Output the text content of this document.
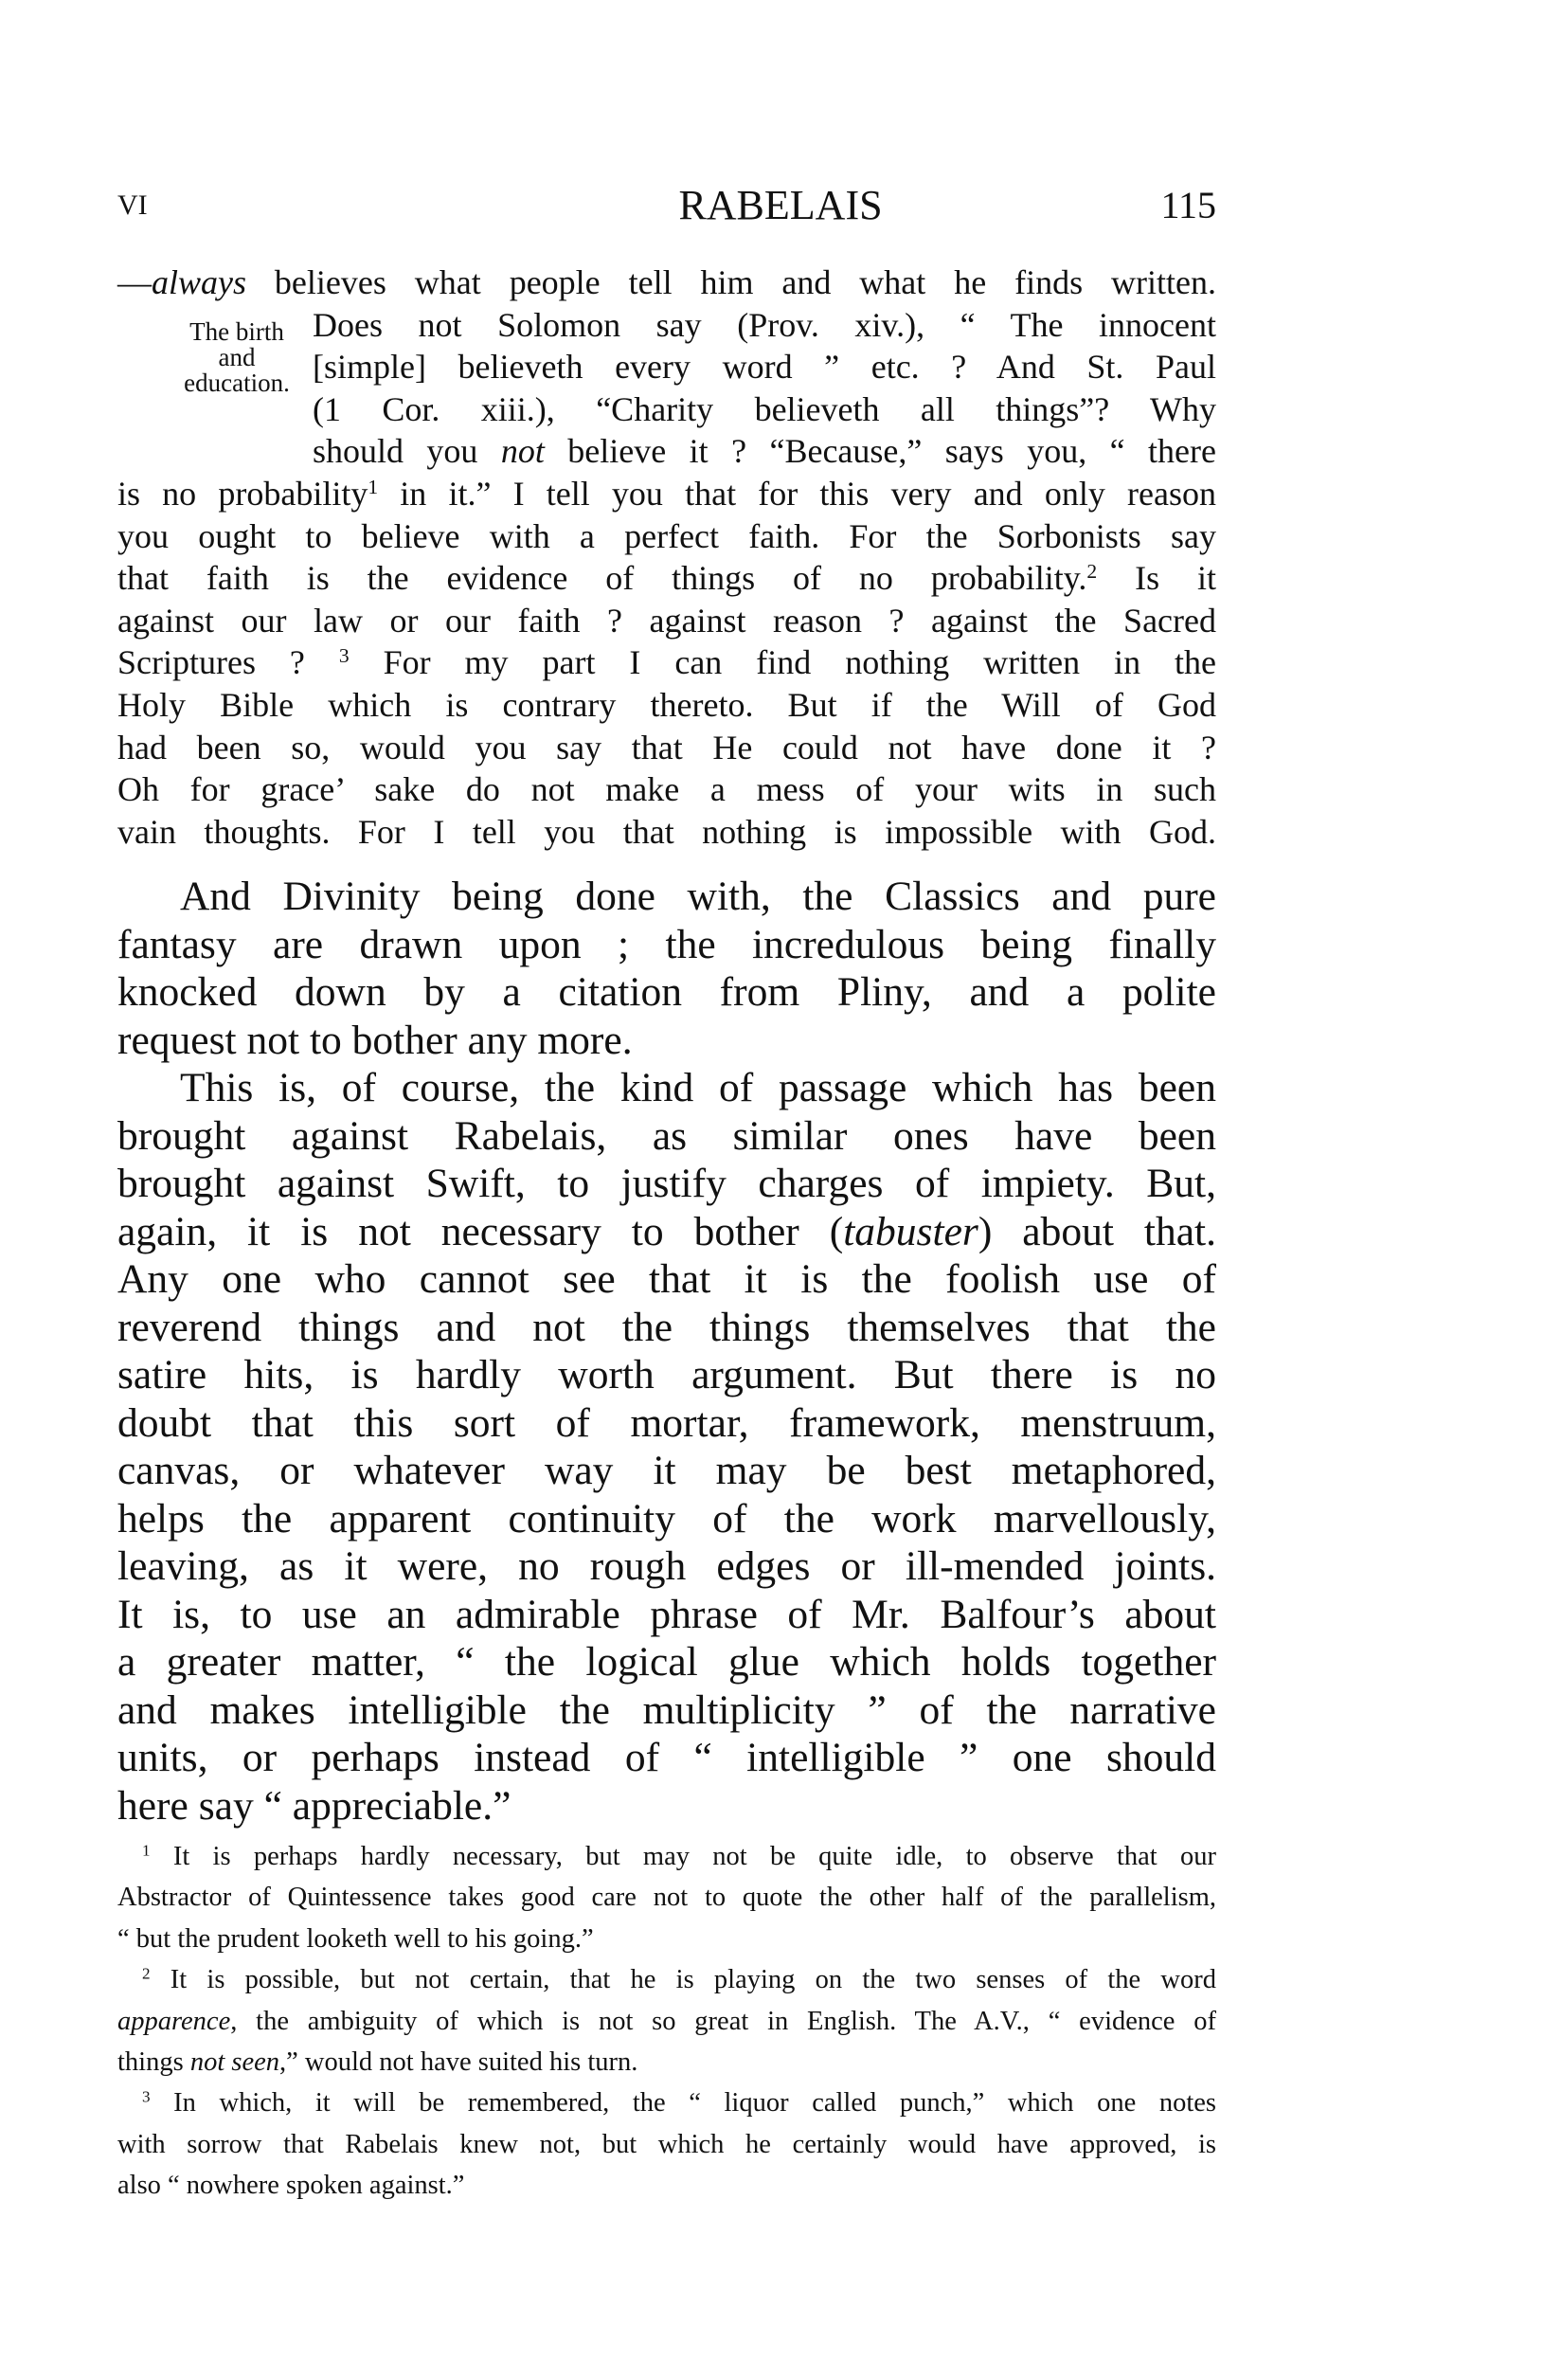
VI	RABELAIS	115
The birth
and
education.
—always believes what people tell him and what he finds written.
Does not Solomon say (Prov. xiv.), “ The innocent
[simple] believeth every word ” etc. ? And St. Paul
(1 Cor. xiii.), “Charity believeth all things”? Why
should you not believe it ? “Because,” says you, “ there
is no probability$^1$ in it.” I tell you that for this very and only reason
you ought to believe with a perfect faith. For the Sorbonists say
that faith is the evidence of things of no probability.$^2$ Is it
against our law or our faith ? against reason ? against the Sacred
Scriptures ? $^3$ For my part I can find nothing written in the
Holy Bible which is contrary thereto. But if the Will of God
had been so, would you say that He could not have done it ?
Oh for grace’ sake do not make a mess of your wits in such
vain thoughts. For I tell you that nothing is impossible with God.
And Divinity being done with, the Classics and pure
fantasy are drawn upon ; the incredulous being finally
knocked down by a citation from Pliny, and a polite
request not to bother any more.
This is, of course, the kind of passage which has been
brought against Rabelais, as similar ones have been
brought against Swift, to justify charges of impiety. But,
again, it is not necessary to bother (tabuster) about that.
Any one who cannot see that it is the foolish use of
reverend things and not the things themselves that the
satire hits, is hardly worth argument. But there is no
doubt that this sort of mortar, framework, menstruum,
canvas, or whatever way it may be best metaphored,
helps the apparent continuity of the work marvellously,
leaving, as it were, no rough edges or ill-mended joints.
It is, to use an admirable phrase of Mr. Balfour’s about
a greater matter, “ the logical glue which holds together
and makes intelligible the multiplicity ” of the narrative
units, or perhaps instead of “ intelligible ” one should
here say “ appreciable.”
$^1$ It is perhaps hardly necessary, but may not be quite idle, to observe that our
Abstractor of Quintessence takes good care not to quote the other half of the parallelism,
“ but the prudent looketh well to his going.”
$^2$ It is possible, but not certain, that he is playing on the two senses of the word
apparence, the ambiguity of which is not so great in English. The A.V., “ evidence of
things not seen,” would not have suited his turn.
$^3$ In which, it will be remembered, the “ liquor called punch,” which one notes
with sorrow that Rabelais knew not, but which he certainly would have approved, is
also “ nowhere spoken against.”
